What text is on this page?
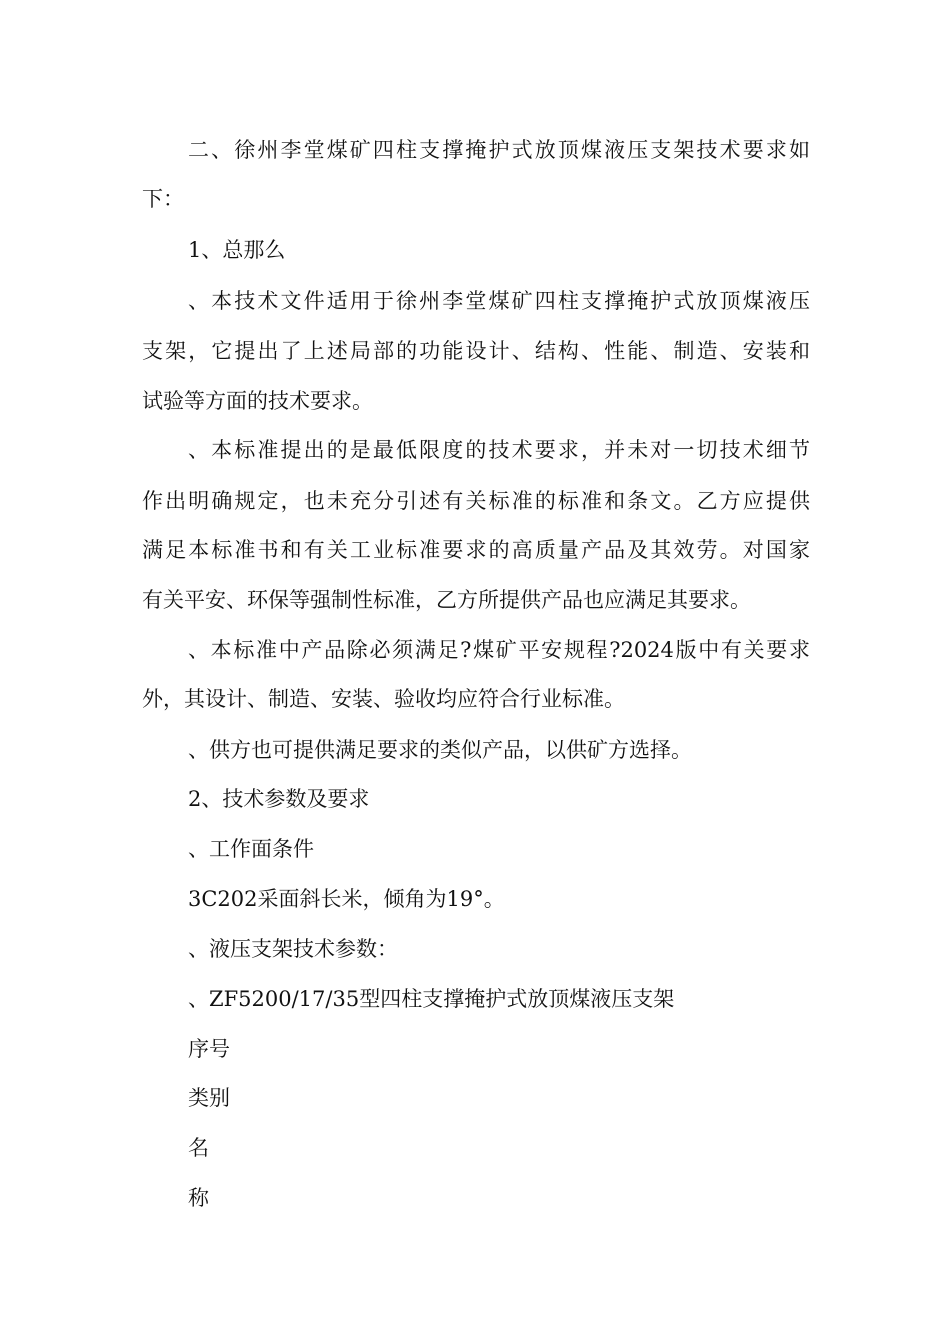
二、徐州李堂煤矿四柱支撑掩护式放顶煤液压支架技术要求如
下：
1、总那么
、本技术文件适用于徐州李堂煤矿四柱支撑掩护式放顶煤液压
支架，它提出了上述局部的功能设计、结构、性能、制造、安装和
试验等方面的技术要求。
、本标准提出的是最低限度的技术要求，并未对一切技术细节
作出明确规定，也未充分引述有关标准的标准和条文。乙方应提供
满足本标准书和有关工业标准要求的高质量产品及其效劳。对国家
有关平安、环保等强制性标准，乙方所提供产品也应满足其要求。
、本标准中产品除必须满足?煤矿平安规程?2024版中有关要求
外，其设计、制造、安装、验收均应符合行业标准。
、供方也可提供满足要求的类似产品，以供矿方选择。
2、技术参数及要求
、工作面条件
3C202采面斜长米，倾角为19°。
、液压支架技术参数：
、ZF5200/17/35型四柱支撑掩护式放顶煤液压支架
序号
类别
名
称
